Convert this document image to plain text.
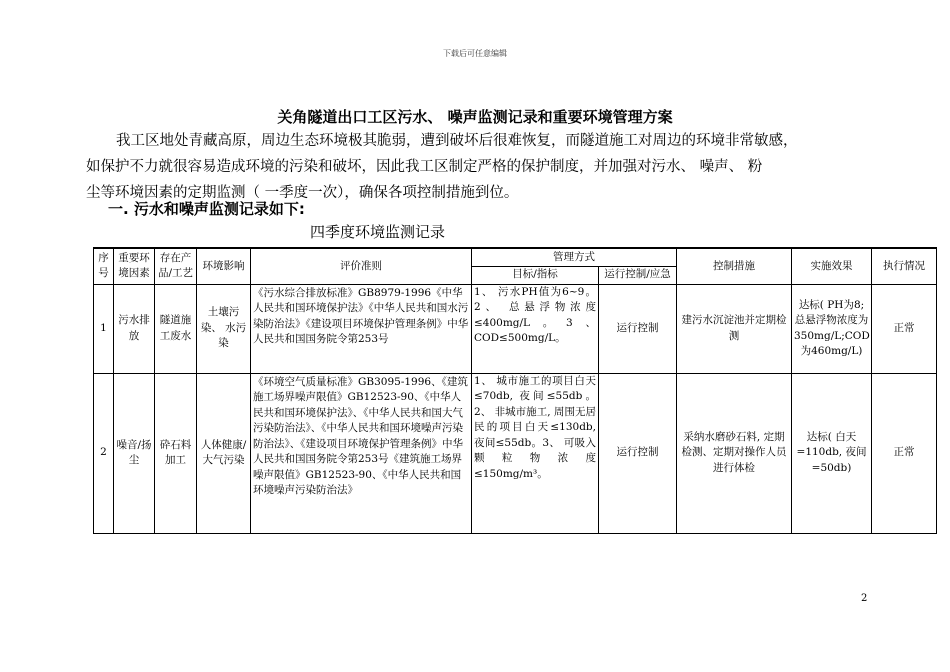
下载后可任意编辑
关角隧道出口工区污水、 噪声监测记录和重要环境管理方案
我工区地处青藏高原，周边生态环境极其脆弱，遭到破坏后很难恢复，而隧道施工对周边的环境非常敏感，
如保护不力就很容易造成环境的污染和破坏，因此我工区制定严格的保护制度，并加强对污水、 噪声、 粉
尘等环境因素的定期监测（ 一季度一次），确保各项控制措施到位。
一. 污水和噪声监测记录如下:
四季度环境监测记录
序号	重要环境因素	存在产品/工艺	环境影响	评价准则	管理方式		控制措施	实施效果	执行情况
					目标/指标	运行控制/应急			
1	污水排放	隧道施工废水	土壤污染、 水污染	《污水综合排放标准》GB8979-1996《中华人民共和国环境保护法》《中华人民共和国水污染防治法》《建设项目环境保护管理条例》中华人民共和国国务院令第253号	1、 污水PH值为6~9。2、 总悬浮物浓度≤400mg/L。3、 COD≤500mg/L。	运行控制	建污水沉淀池并定期检测	达标( PH为8;总悬浮物浓度为350mg/L;COD为460mg/L)	正常
2	噪音/扬尘	砕石料加工	人体健康/大气污染	《环境空气质量标准》GB3095-1996、《建筑施工场界噪声限值》GB12523-90、《中华人民共和国环境保护法》、《中华人民共和国大气污染防治法》、《中华人民共和国环境噪声污染防治法》、《建设项目环境保护管理条例》中华人民共和国国务院令第253号《建筑施工场界噪声限值》GB12523-90、《中华人民共和国环境噪声污染防治法》	1、 城市施工的项目白天≤70db, 夜间≤55db。2、 非城市施工, 周围无居民的项目白天≤130db, 夜间≤55db。3、 可吸入颗粒物浓度≤150mg/m³。	运行控制	采纳水磨砂石料, 定期检测、定期对操作人员进行体检	达标( 白天=110db, 夜间=50db)	正常
2
